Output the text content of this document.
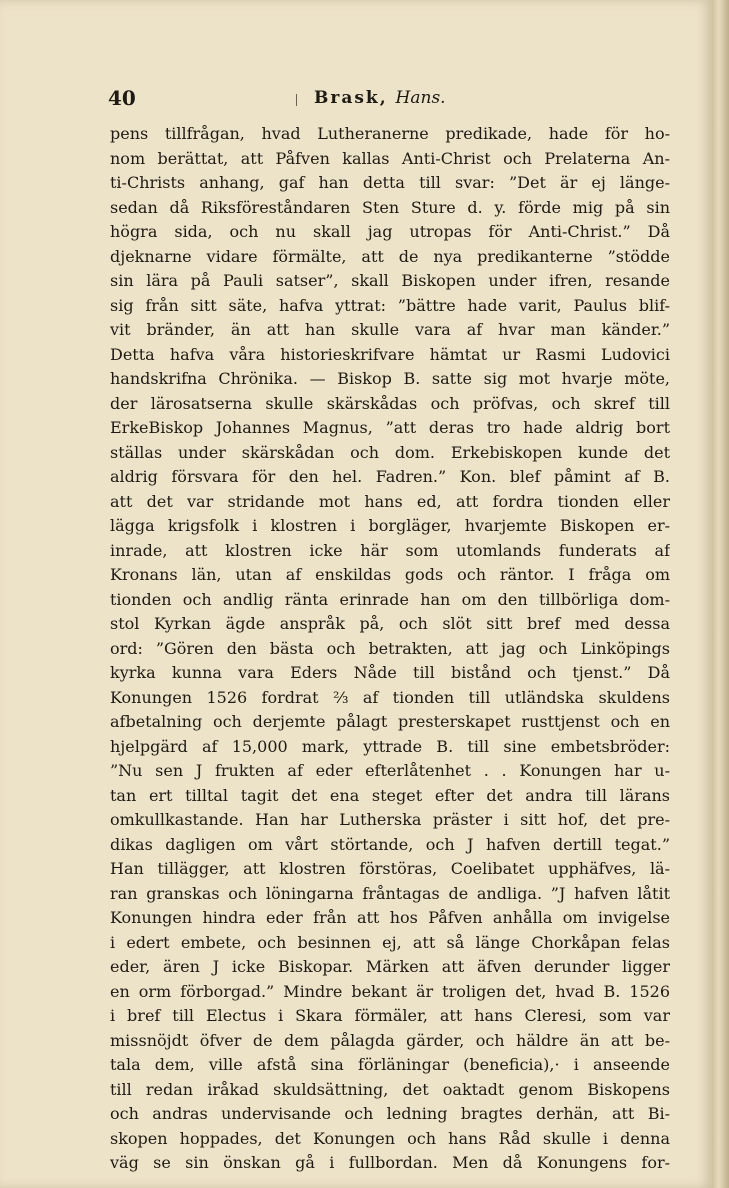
40	Brask, Hans.
pens tillfrågan, hvad Lutheranerne predikade, hade för ho-
nom berättat, att Påfven kallas Anti-Christ och Prelaterna An-
ti-Christs anhang, gaf han detta till svar: ”Det är ej länge-
sedan då Riksföreståndaren Sten Sture d. y. förde mig på sin
högra sida, och nu skall jag utropas för Anti-Christ.” Då
djeknarne vidare förmälte, att de nya predikanterne ”stödde
sin lära på Pauli satser”, skall Biskopen under ifren, resande
sig från sitt säte, hafva yttrat: ”bättre hade varit, Paulus blif-
vit bränder, än att han skulle vara af hvar man känder.”
Detta hafva våra historieskrifvare hämtat ur Rasmi Ludovici
handskrifna Chrönika. — Biskop B. satte sig mot hvarje möte,
der lärosatserna skulle skärskådas och pröfvas, och skref till
ErkeBiskop Johannes Magnus, ”att deras tro hade aldrig bort
ställas under skärskådan och dom. Erkebiskopen kunde det
aldrig försvara för den hel. Fadren.” Kon. blef påmint af B.
att det var stridande mot hans ed, att fordra tionden eller
lägga krigsfolk i klostren i borgläger, hvarjemte Biskopen er-
inrade, att klostren icke här som utomlands funderats af
Kronans län, utan af enskildas gods och räntor. I fråga om
tionden och andlig ränta erinrade han om den tillbörliga dom-
stol Kyrkan ägde anspråk på, och slöt sitt bref med dessa
ord: ”Gören den bästa och betrakten, att jag och Linköpings
kyrka kunna vara Eders Nåde till bistånd och tjenst.” Då
Konungen 1526 fordrat ⅔ af tionden till utländska skuldens
afbetalning och derjemte pålagt presterskapet rusttjenst och en
hjelpgärd af 15,000 mark, yttrade B. till sine embetsbröder:
”Nu sen J frukten af eder efterlåtenhet . . Konungen har u-
tan ert tilltal tagit det ena steget efter det andra till lärans
omkullkastande. Han har Lutherska präster i sitt hof, det pre-
dikas dagligen om vårt störtande, och J hafven dertill tegat.”
Han tillägger, att klostren förstöras, Coelibatet upphäfves, lä-
ran granskas och löningarna fråntagas de andliga. ”J hafven låtit
Konungen hindra eder från att hos Påfven anhålla om invigelse
i edert embete, och besinnen ej, att så länge Chorkåpan felas
eder, ären J icke Biskopar. Märken att äfven derunder ligger
en orm förborgad.” Mindre bekant är troligen det, hvad B. 1526
i bref till Electus i Skara förmäler, att hans Cleresi, som var
missnöjdt öfver de dem pålagda gärder, och häldre än att be-
tala dem, ville afstå sina förläningar (beneficia),· i anseende
till redan iråkad skuldsättning, det oaktadt genom Biskopens
och andras undervisande och ledning bragtes derhän, att Bi-
skopen hoppades, det Konungen och hans Råd skulle i denna
väg se sin önskan gå i fullbordan. Men då Konungens for-
